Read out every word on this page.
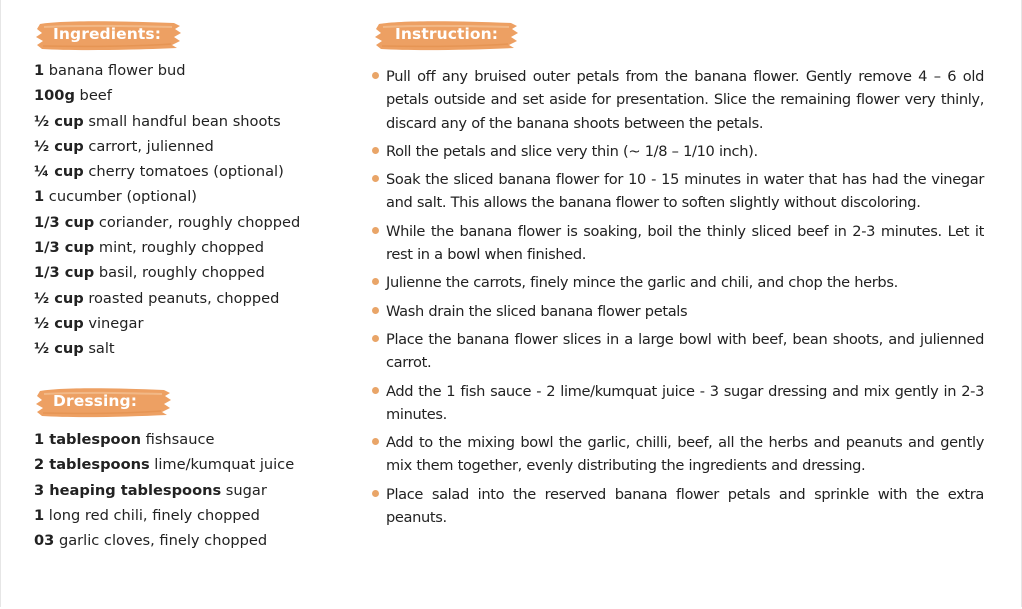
Ingredients:
1 banana flower bud
100g beef
½ cup small handful bean shoots
½ cup carrort, julienned
¼ cup cherry tomatoes (optional)
1 cucumber (optional)
1/3 cup coriander, roughly chopped
1/3 cup mint, roughly chopped
1/3 cup basil, roughly chopped
½ cup roasted peanuts, chopped
½ cup vinegar
½ cup salt
Dressing:
1 tablespoon fishsauce
2 tablespoons lime/kumquat juice
3 heaping tablespoons sugar
1 long red chili, finely chopped
03 garlic cloves, finely chopped
Instruction:
Pull off any bruised outer petals from the banana flower. Gently remove 4 – 6 old petals outside and set aside for presentation. Slice the remaining flower very thinly, discard any of the banana shoots between the petals.
Roll the petals and slice very thin (~ 1/8 – 1/10 inch).
Soak the sliced banana flower for 10 - 15 minutes in water that has had the vinegar and salt. This allows the banana flower to soften slightly without discoloring.
While the banana flower is soaking, boil the thinly sliced beef in 2-3 minutes. Let it rest in a bowl when finished.
Julienne the carrots, finely mince the garlic and chili, and chop the herbs.
Wash drain the sliced banana flower petals
Place the banana flower slices in a large bowl with beef, bean shoots, and julienned carrot.
Add the 1 fish sauce - 2 lime/kumquat juice - 3 sugar dressing and mix gently in 2-3 minutes.
Add to the mixing bowl the garlic, chilli, beef, all the herbs and peanuts and gently mix them together, evenly distributing the ingredients and dressing.
Place salad into the reserved banana flower petals and sprinkle with the extra peanuts.
